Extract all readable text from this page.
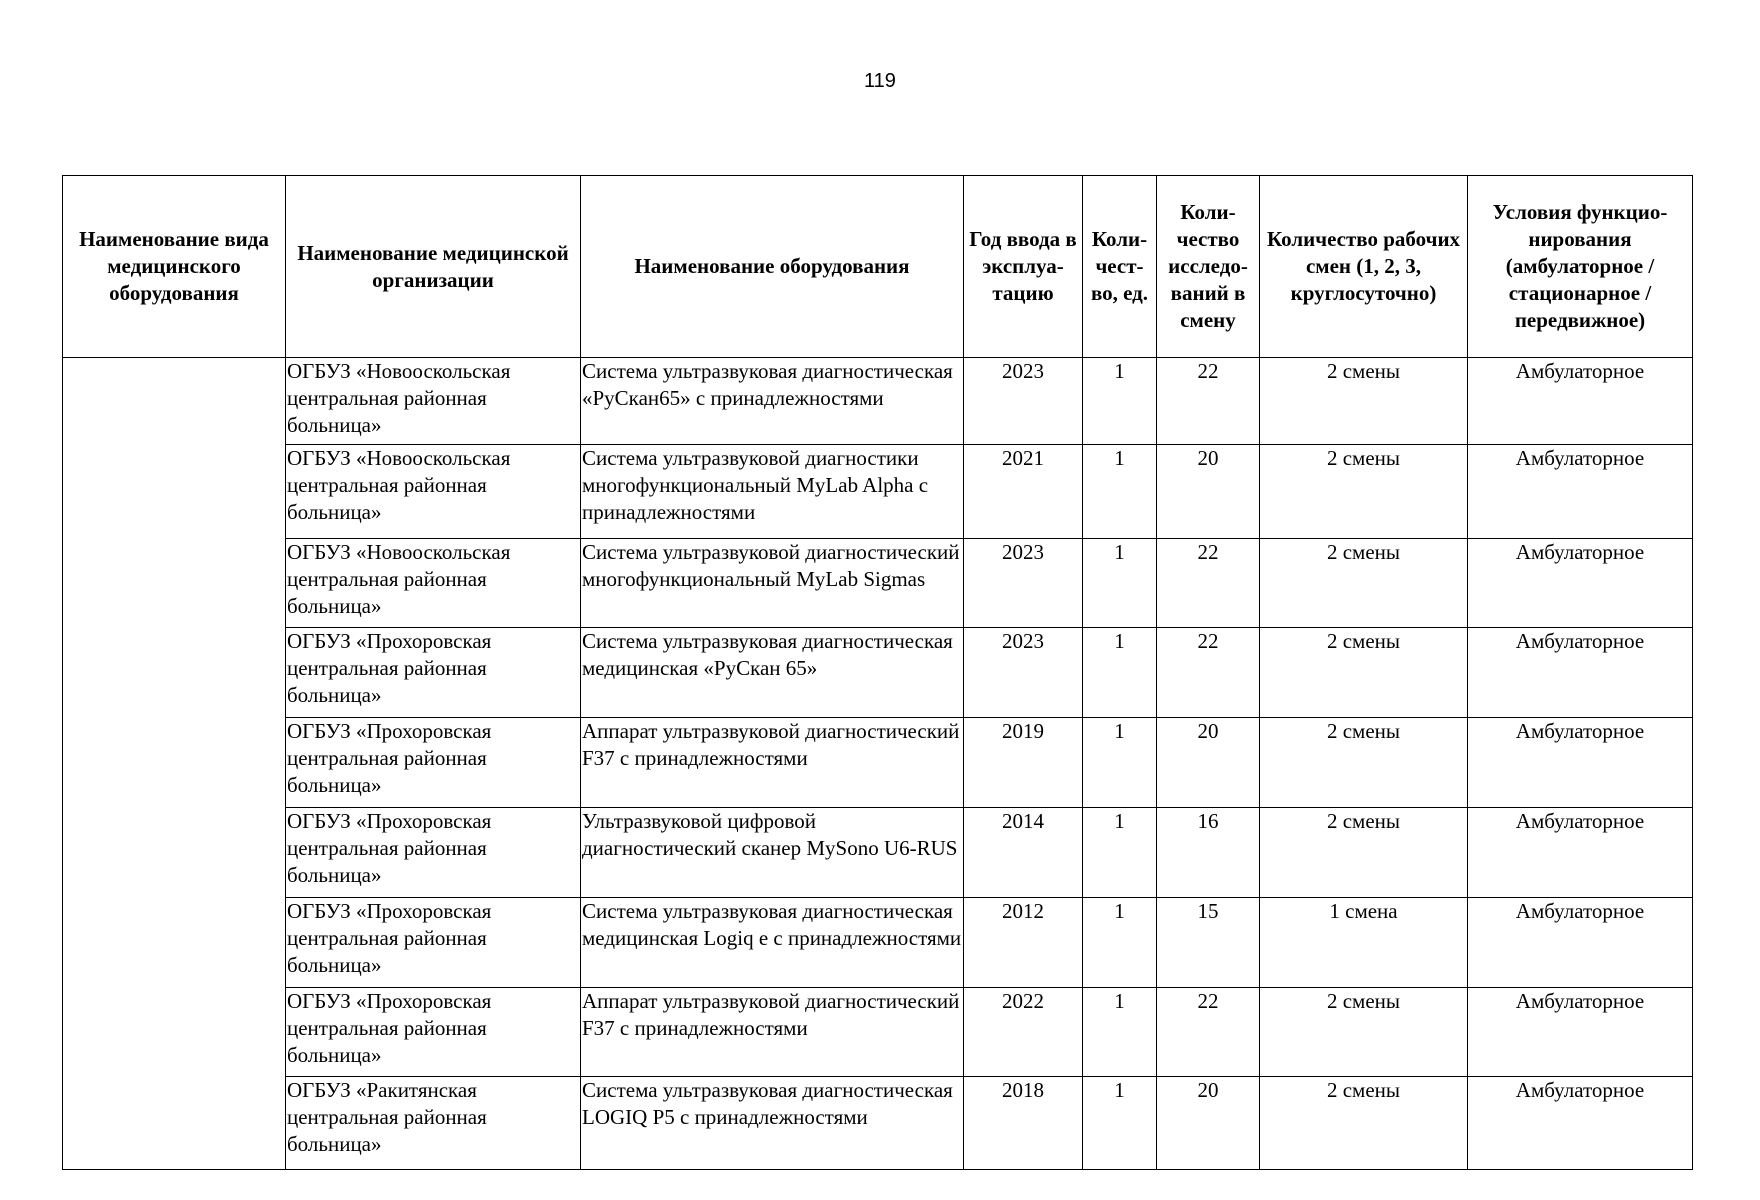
119
Наименование вида медицинского оборудования	Наименование медицинской организации	Наименование оборудования	Год ввода в эксплуа-тацию	Коли-чест-во, ед.	Коли-чество исследо-ваний в смену	Количество рабочих смен (1, 2, 3, круглосуточно)	Условия функцио-нирования (амбулаторное / стационарное / передвижное)
	ОГБУЗ «Новооскольская центральная районная больница»	Система ультразвуковая диагностическая «РуСкан65» с принадлежностями	2023	1	22	2 смены	Амбулаторное
	ОГБУЗ «Новооскольская центральная районная больница»	Система ультразвуковой диагностики многофункциональный MyLab Alpha с принадлежностями	2021	1	20	2 смены	Амбулаторное
	ОГБУЗ «Новооскольская центральная районная больница»	Система ультразвуковой диагностический многофункциональный MyLab Sigmas	2023	1	22	2 смены	Амбулаторное
	ОГБУЗ «Прохоровская центральная районная больница»	Система ультразвуковая диагностическая медицинская «РуСкан 65»	2023	1	22	2 смены	Амбулаторное
	ОГБУЗ «Прохоровская центральная районная больница»	Аппарат ультразвуковой диагностический F37 с принадлежностями	2019	1	20	2 смены	Амбулаторное
	ОГБУЗ «Прохоровская центральная районная больница»	Ультразвуковой цифровой диагностический сканер MySono U6-RUS	2014	1	16	2 смены	Амбулаторное
	ОГБУЗ «Прохоровская центральная районная больница»	Система ультразвуковая диагностическая медицинская Logiq e с принадлежностями	2012	1	15	1 смена	Амбулаторное
	ОГБУЗ «Прохоровская центральная районная больница»	Аппарат ультразвуковой диагностический F37 с принадлежностями	2022	1	22	2 смены	Амбулаторное
	ОГБУЗ «Ракитянская центральная районная больница»	Система ультразвуковая диагностическая LOGIQ P5 с принадлежностями	2018	1	20	2 смены	Амбулаторное
